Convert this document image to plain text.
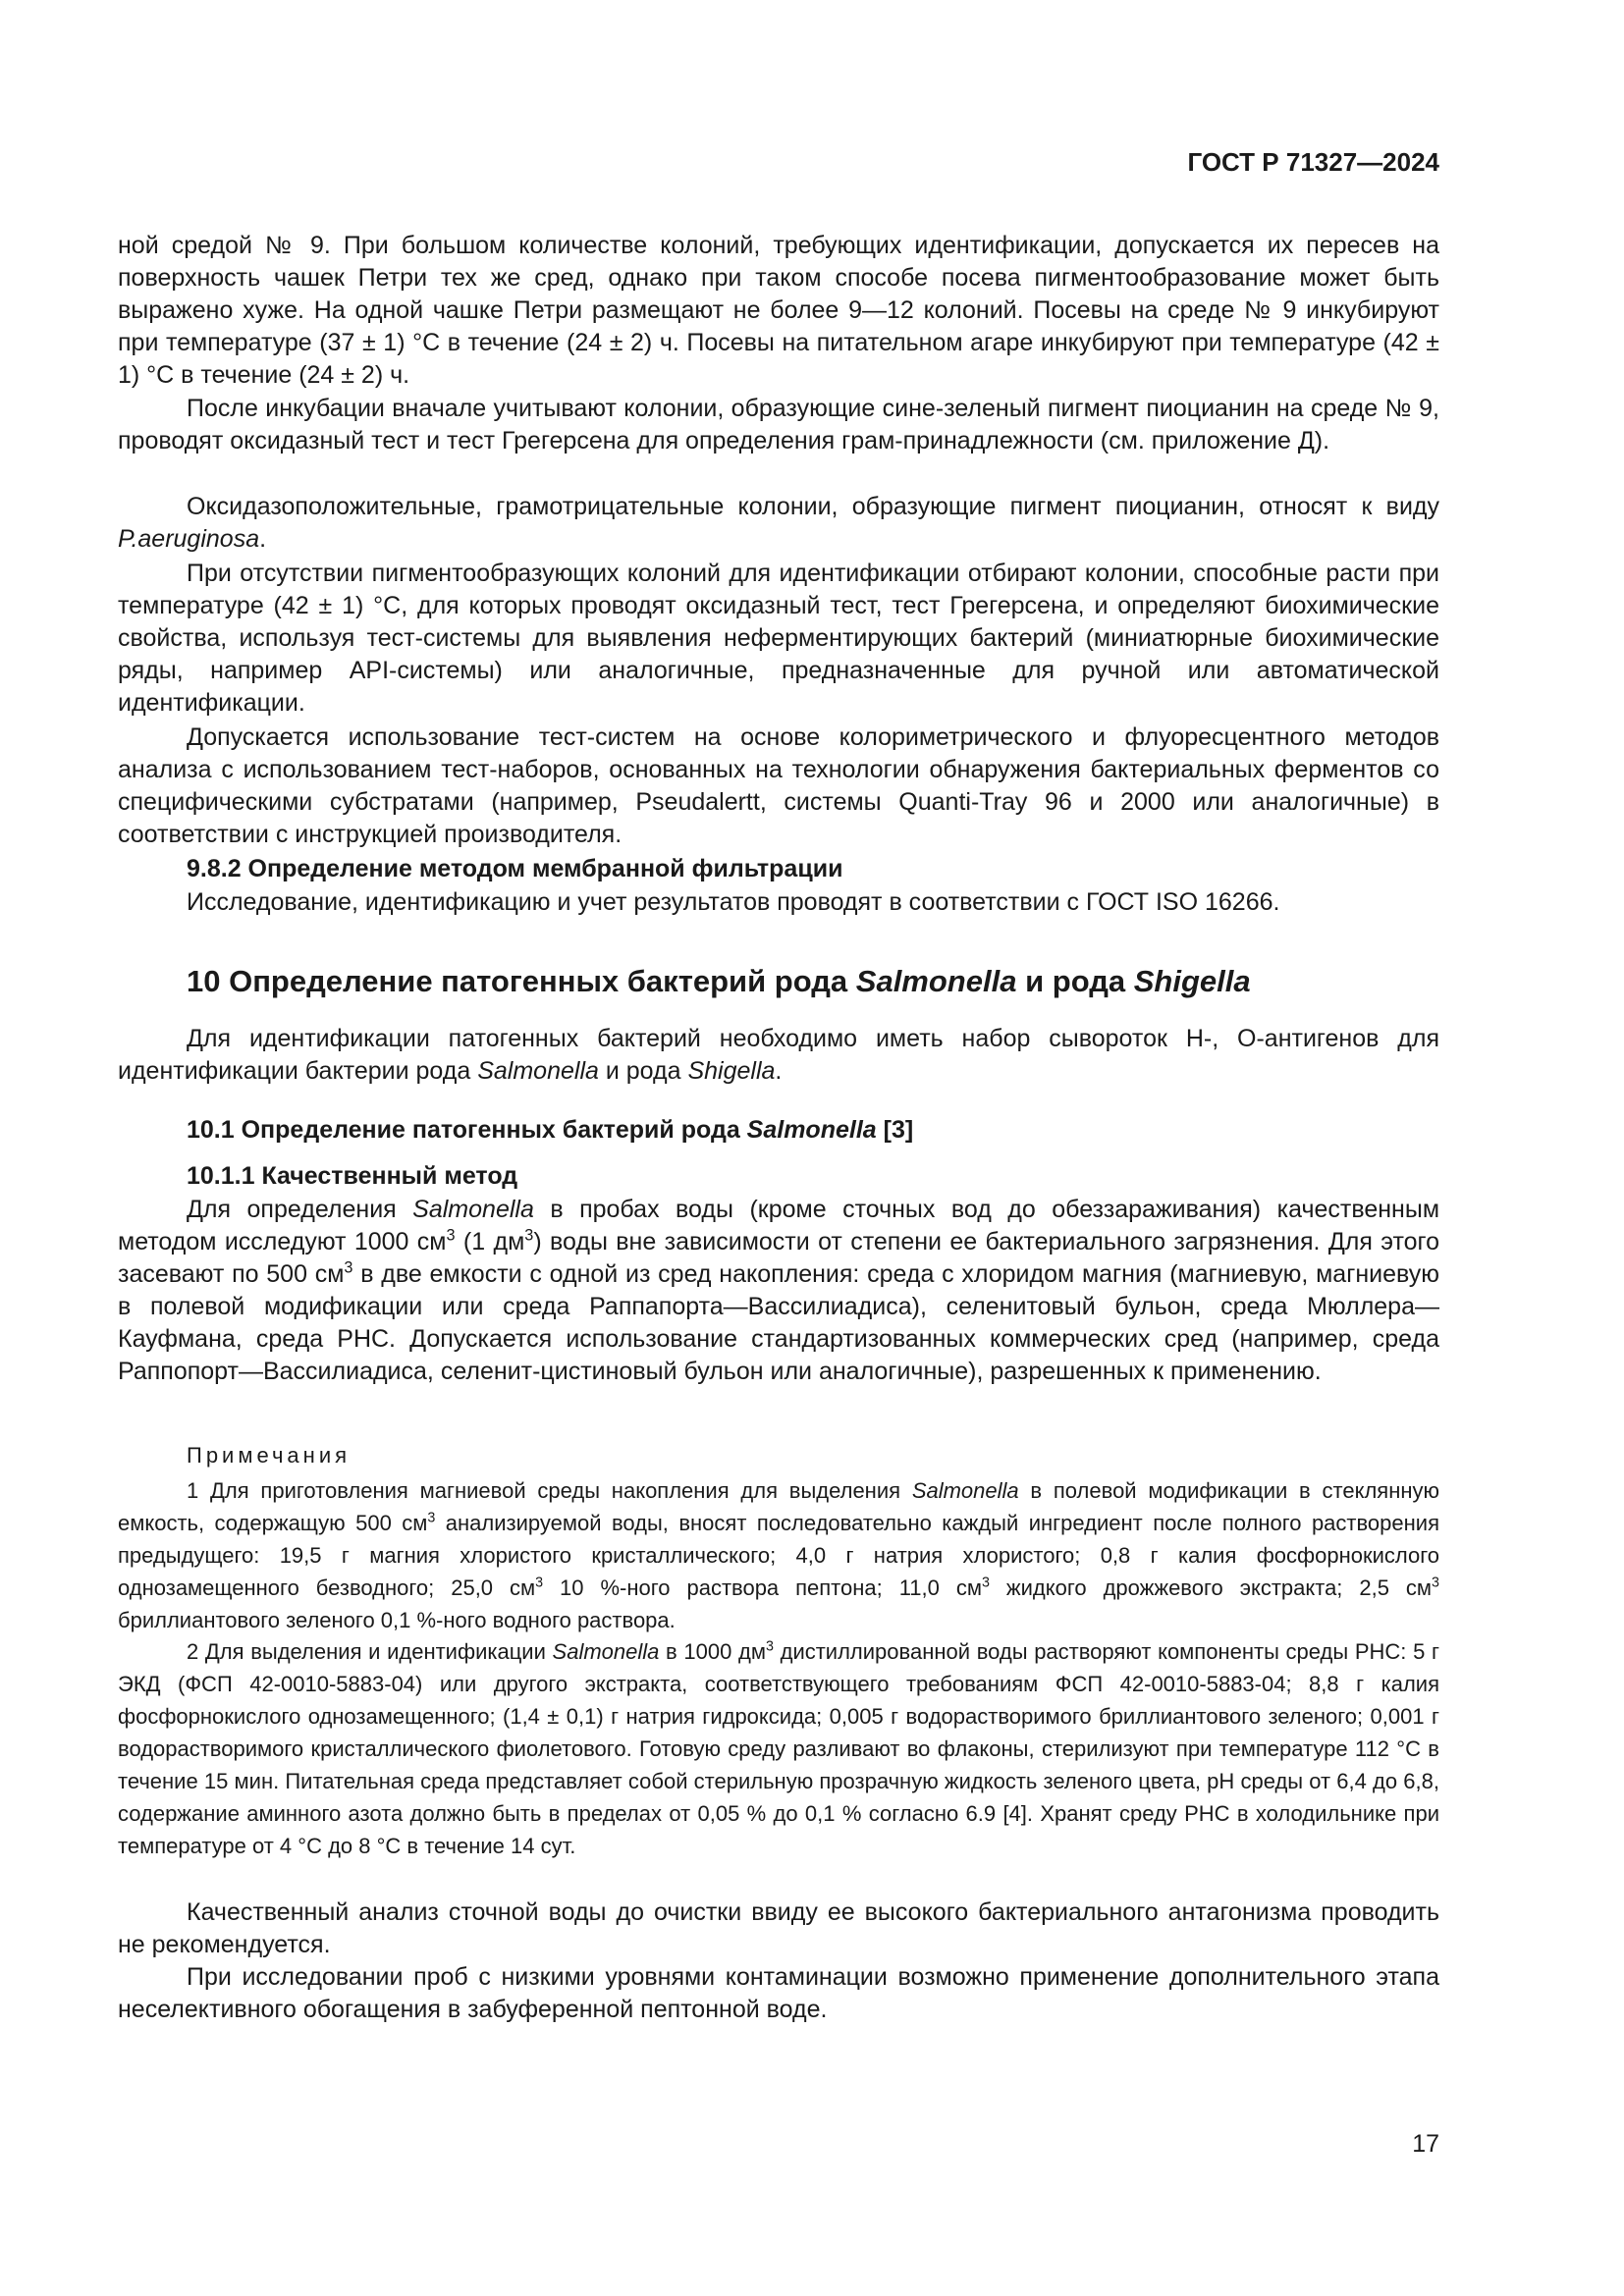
ГОСТ Р 71327—2024
ной средой № 9. При большом количестве колоний, требующих идентификации, допускается их пересев на поверхность чашек Петри тех же сред, однако при таком способе посева пигментообразование может быть выражено хуже. На одной чашке Петри размещают не более 9—12 колоний. Посевы на среде № 9 инкубируют при температуре (37 ± 1) °С в течение (24 ± 2) ч. Посевы на питательном агаре инкубируют при температуре (42 ± 1) °С в течение (24 ± 2) ч.
После инкубации вначале учитывают колонии, образующие сине-зеленый пигмент пиоцианин на среде № 9, проводят оксидазный тест и тест Грегерсена для определения грам-принадлежности (см. приложение Д).
Оксидазоположительные, грамотрицательные колонии, образующие пигмент пиоцианин, относят к виду P.aeruginosa.
При отсутствии пигментообразующих колоний для идентификации отбирают колонии, способные расти при температуре (42 ± 1) °С, для которых проводят оксидазный тест, тест Грегерсена, и определяют биохимические свойства, используя тест-системы для выявления неферментирующих бактерий (миниатюрные биохимические ряды, например API-системы) или аналогичные, предназначенные для ручной или автоматической идентификации.
Допускается использование тест-систем на основе колориметрического и флуоресцентного методов анализа с использованием тест-наборов, основанных на технологии обнаружения бактериальных ферментов со специфическими субстратами (например, Pseudalertt, системы Quanti-Tray 96 и 2000 или аналогичные) в соответствии с инструкцией производителя.
9.8.2 Определение методом мембранной фильтрации
Исследование, идентификацию и учет результатов проводят в соответствии с ГОСТ ISO 16266.
10 Определение патогенных бактерий рода Salmonella и рода Shigella
Для идентификации патогенных бактерий необходимо иметь набор сывороток Н-, О-антигенов для идентификации бактерии рода Salmonella и рода Shigella.
10.1 Определение патогенных бактерий рода Salmonella [3]
10.1.1 Качественный метод
Для определения Salmonella в пробах воды (кроме сточных вод до обеззараживания) качественным методом исследуют 1000 $см^3$ (1 $дм^3$) воды вне зависимости от степени ее бактериального загрязнения. Для этого засевают по 500 $см^3$ в две емкости с одной из сред накопления: среда с хлоридом магния (магниевую, магниевую в полевой модификации или среда Раппапорта—Вассилиадиса), селенитовый бульон, среда Мюллера—Кауфмана, среда РНС. Допускается использование стандартизованных коммерческих сред (например, среда Раппопорт—Вассилиадиса, селенит-цистиновый бульон или аналогичные), разрешенных к применению.
Примечания
1 Для приготовления магниевой среды накопления для выделения Salmonella в полевой модификации в стеклянную емкость, содержащую 500 $см^3$ анализируемой воды, вносят последовательно каждый ингредиент после полного растворения предыдущего: 19,5 г магния хлористого кристаллического; 4,0 г натрия хлористого; 0,8 г калия фосфорнокислого однозамещенного безводного; 25,0 $см^3$ 10 %-ного раствора пептона; 11,0 $см^3$ жидкого дрожжевого экстракта; 2,5 $см^3$ бриллиантового зеленого 0,1 %-ного водного раствора.
2 Для выделения и идентификации Salmonella в 1000 $дм^3$ дистиллированной воды растворяют компоненты среды РНС: 5 г ЭКД (ФСП 42-0010-5883-04) или другого экстракта, соответствующего требованиям ФСП 42-0010-5883-04; 8,8 г калия фосфорнокислого однозамещенного; (1,4 ± 0,1) г натрия гидроксида; 0,005 г водорастворимого бриллиантового зеленого; 0,001 г водорастворимого кристаллического фиолетового. Готовую среду разливают во флаконы, стерилизуют при температуре 112 °С в течение 15 мин. Питательная среда представляет собой стерильную прозрачную жидкость зеленого цвета, pH среды от 6,4 до 6,8, содержание аминного азота должно быть в пределах от 0,05 % до 0,1 % согласно 6.9 [4]. Хранят среду РНС в холодильнике при температуре от 4 °С до 8 °С в течение 14 сут.
Качественный анализ сточной воды до очистки ввиду ее высокого бактериального антагонизма проводить не рекомендуется.
При исследовании проб с низкими уровнями контаминации возможно применение дополнительного этапа неселективного обогащения в забуференной пептонной воде.
17
